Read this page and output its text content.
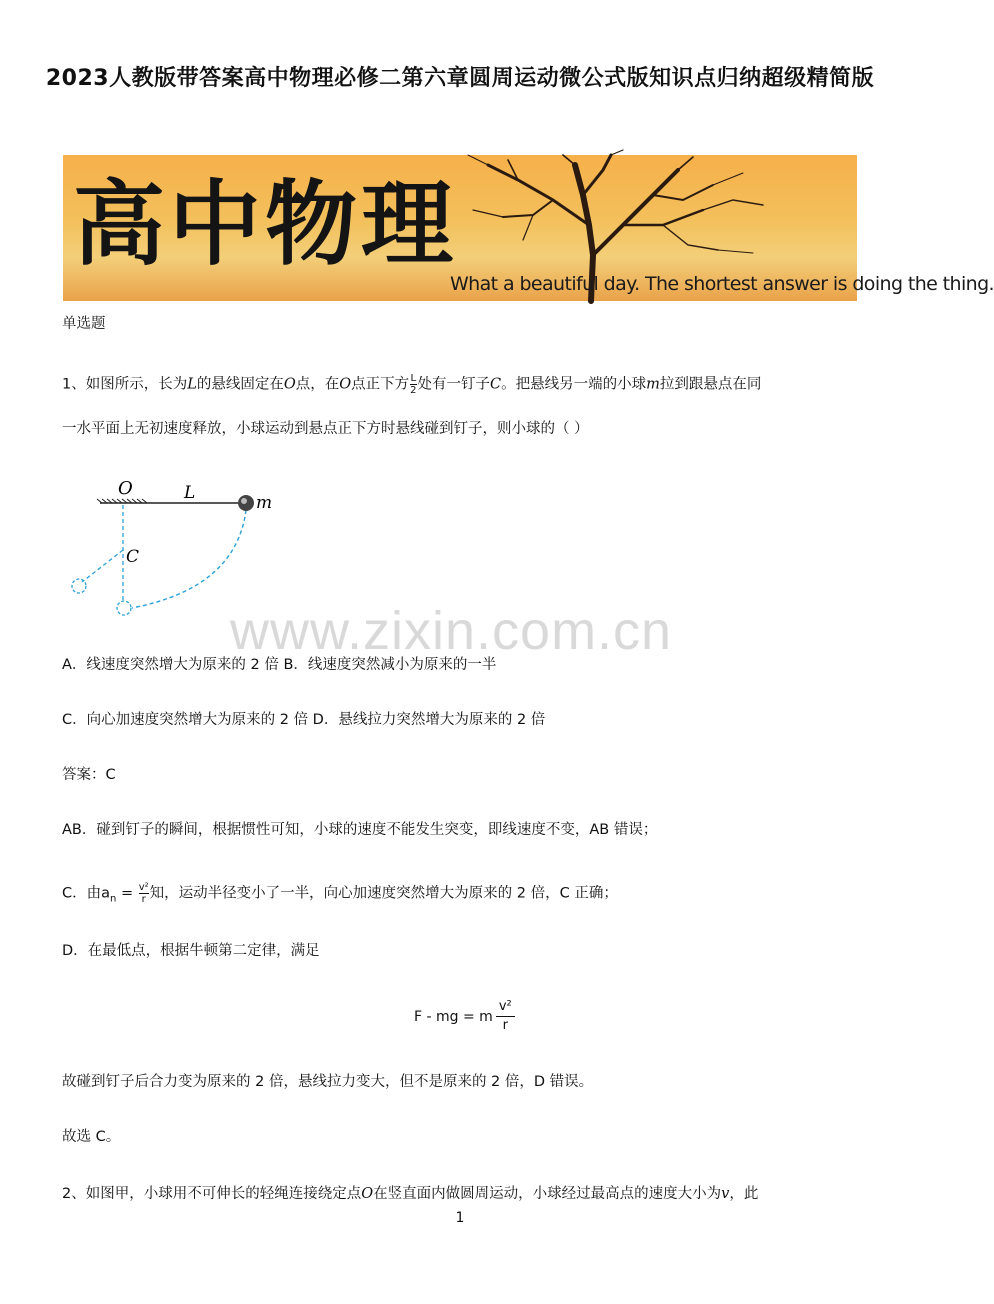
2023人教版带答案高中物理必修二第六章圆周运动微公式版知识点归纳超级精简版
高中物理
What a beautiful day. The shortest answer is doing the thing.
单选题
1、如图所示，长为L的悬线固定在O点，在O点正下方 $\frac{L}{2}$ 处有一钉子C。把悬线另一端的小球m拉到跟悬点在同
一水平面上无初速度释放，小球运动到悬点正下方时悬线碰到钉子，则小球的（ ）
O	L	m
C
www.zixin.com.cn
A．线速度突然增大为原来的 2 倍 B．线速度突然减小为原来的一半
C．向心加速度突然增大为原来的 2 倍 D．悬线拉力突然增大为原来的 2 倍
答案：C
AB．碰到钉子的瞬间，根据惯性可知，小球的速度不能发生突变，即线速度不变，AB 错误；
C．由$a_n = \frac{\text{v²}}{r}$ 知，运动半径变小了一半，向心加速度突然增大为原来的 2 倍，C 正确；
D．在最低点，根据牛顿第二定律，满足
F - mg = m $\frac{\text{v²}}{r}$
故碰到钉子后合力变为原来的 2 倍，悬线拉力变大，但不是原来的 2 倍，D 错误。
故选 C。
2、如图甲，小球用不可伸长的轻绳连接绕定点O在竖直面内做圆周运动，小球经过最高点的速度大小为v，此
1
